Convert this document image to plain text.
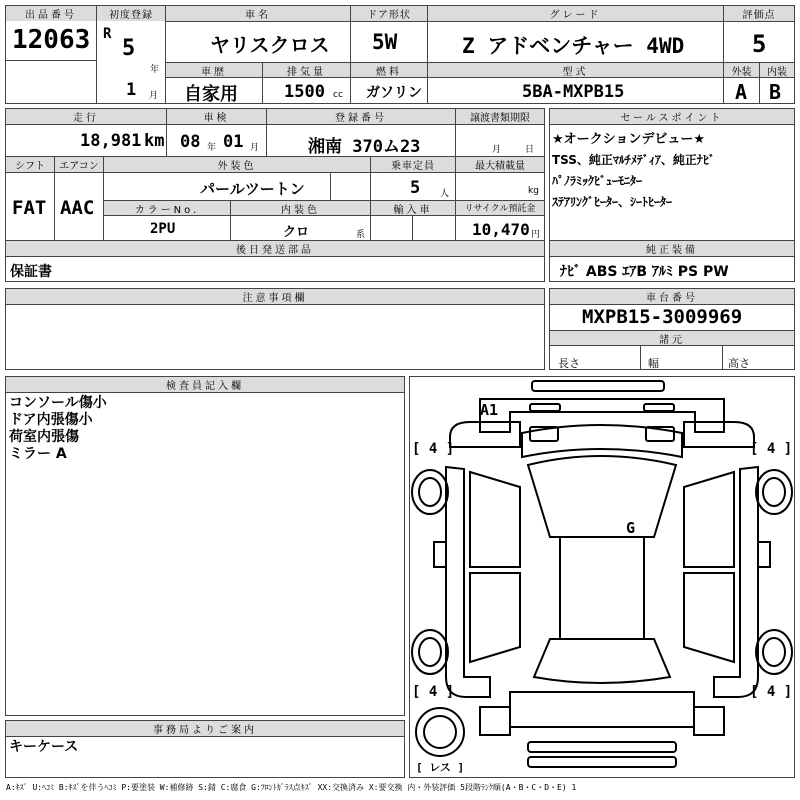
出品番号
12063
初度登録
R
5
年
1 月
車名
ヤリスクロス
ドア形状
5W
グレード
Z アドベンチャー 4WD
評価点
5
車歴
自家用
排気量
1500 cc
燃料
ガソリン
型式
5BA-MXPB15
外装	内装
A B
走行
18,981 km
車検
08 年 01 月
登録番号
湘南 370ム23
譲渡書類期限
月	日
シフト
FAT
エアコン
AAC
外装色
パールツートン
乗車定員
5 人
最大積載量
kg
カラーNo.
2PU
内装色
クロ	系
輸入車	リサイクル預託金
10,470 円
後日発送部品
保証書
セールスポイント
★オークションデビュー★
TSS、純正ﾏﾙﾁﾒﾃﾞｨｱ、純正ﾅﾋﾞ
ﾊﾟﾉﾗﾐｯｸﾋﾞｭｰﾓﾆﾀｰ
ｽﾃｱﾘﾝｸﾞﾋｰﾀｰ、ｼｰﾄﾋｰﾀｰ
純正装備
ﾅﾋﾞ ABS ｴｱB ｱﾙﾐ PS PW
注意事項欄	車台番号
MXPB15-3009969
諸元
長さ	幅	高さ
検査員記入欄
コンソール傷小
ドア内張傷小
荷室内張傷
ミラー A
事務局よりご案内
キーケース
A1
G
[ 4 ]	[ 4 ]
[ 4 ]	[ 4 ]
[ レス ]
A:ｷｽﾞ U:ﾍｺﾐ B:ｷｽﾞを伴うﾍｺﾐ P:要塗装 W:補修跡 S:錆 C:腐食 G:ﾌﾛﾝﾄｶﾞﾗｽ点ｷｽﾞ XX:交換済み X:要交換 内・外装評価 5段階ﾗﾝｸ順(A・B・C・D・E) 1
